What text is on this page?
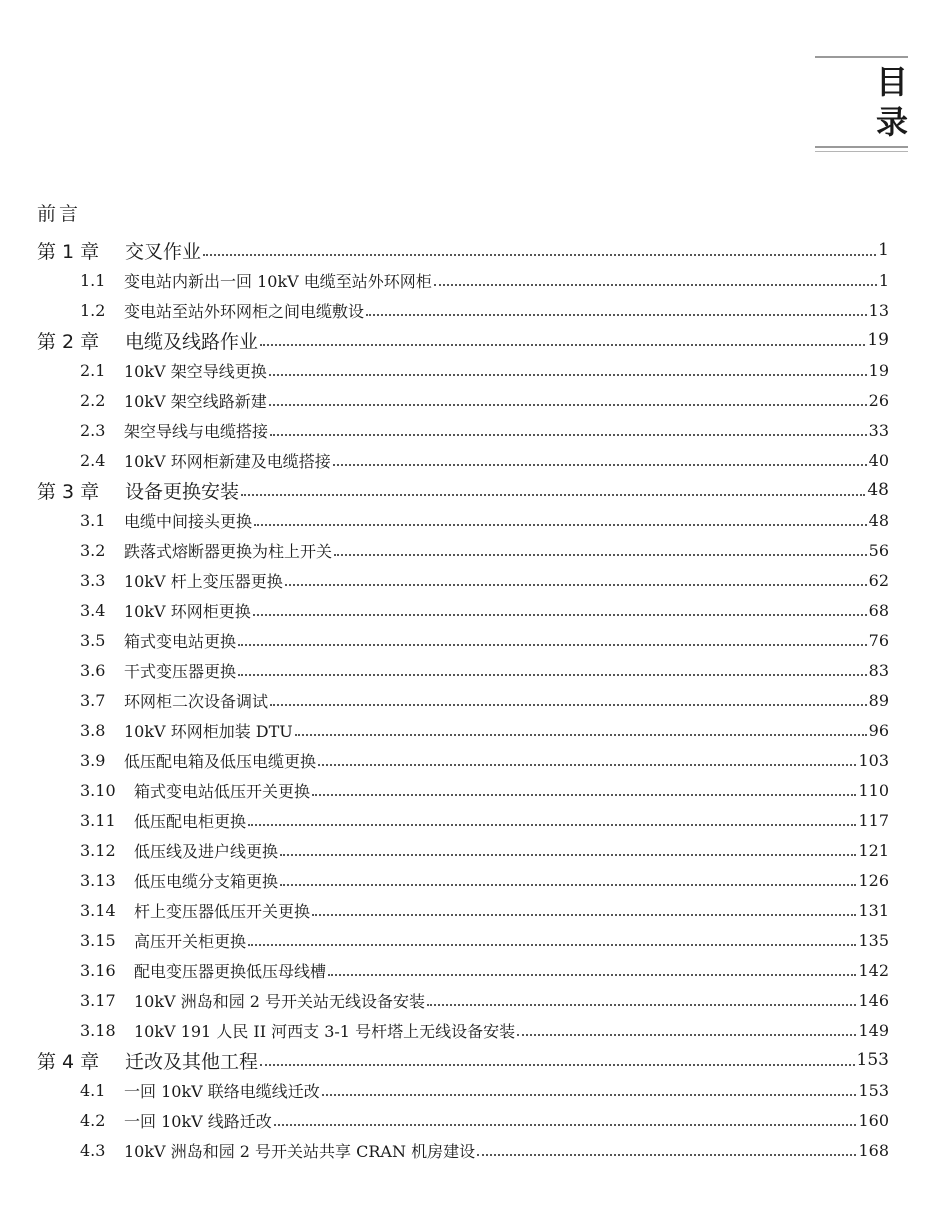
目 录
前言
第 1 章	交叉作业	1
1.1	变电站内新出一回 10kV 电缆至站外环网柜	1
1.2	变电站至站外环网柜之间电缆敷设	13
第 2 章	电缆及线路作业	19
2.1	10kV 架空导线更换	19
2.2	10kV 架空线路新建	26
2.3	架空导线与电缆搭接	33
2.4	10kV 环网柜新建及电缆搭接	40
第 3 章	设备更换安装	48
3.1	电缆中间接头更换	48
3.2	跌落式熔断器更换为柱上开关	56
3.3	10kV 杆上变压器更换	62
3.4	10kV 环网柜更换	68
3.5	箱式变电站更换	76
3.6	干式变压器更换	83
3.7	环网柜二次设备调试	89
3.8	10kV 环网柜加装 DTU	96
3.9	低压配电箱及低压电缆更换	103
3.10	箱式变电站低压开关更换	110
3.11	低压配电柜更换	117
3.12	低压线及进户线更换	121
3.13	低压电缆分支箱更换	126
3.14	杆上变压器低压开关更换	131
3.15	高压开关柜更换	135
3.16	配电变压器更换低压母线槽	142
3.17	10kV 洲岛和园 2 号开关站无线设备安装	146
3.18	10kV 191 人民 II 河西支 3-1 号杆塔上无线设备安装	149
第 4 章	迁改及其他工程	153
4.1	一回 10kV 联络电缆线迁改	153
4.2	一回 10kV 线路迁改	160
4.3	10kV 洲岛和园 2 号开关站共享 CRAN 机房建设	168
